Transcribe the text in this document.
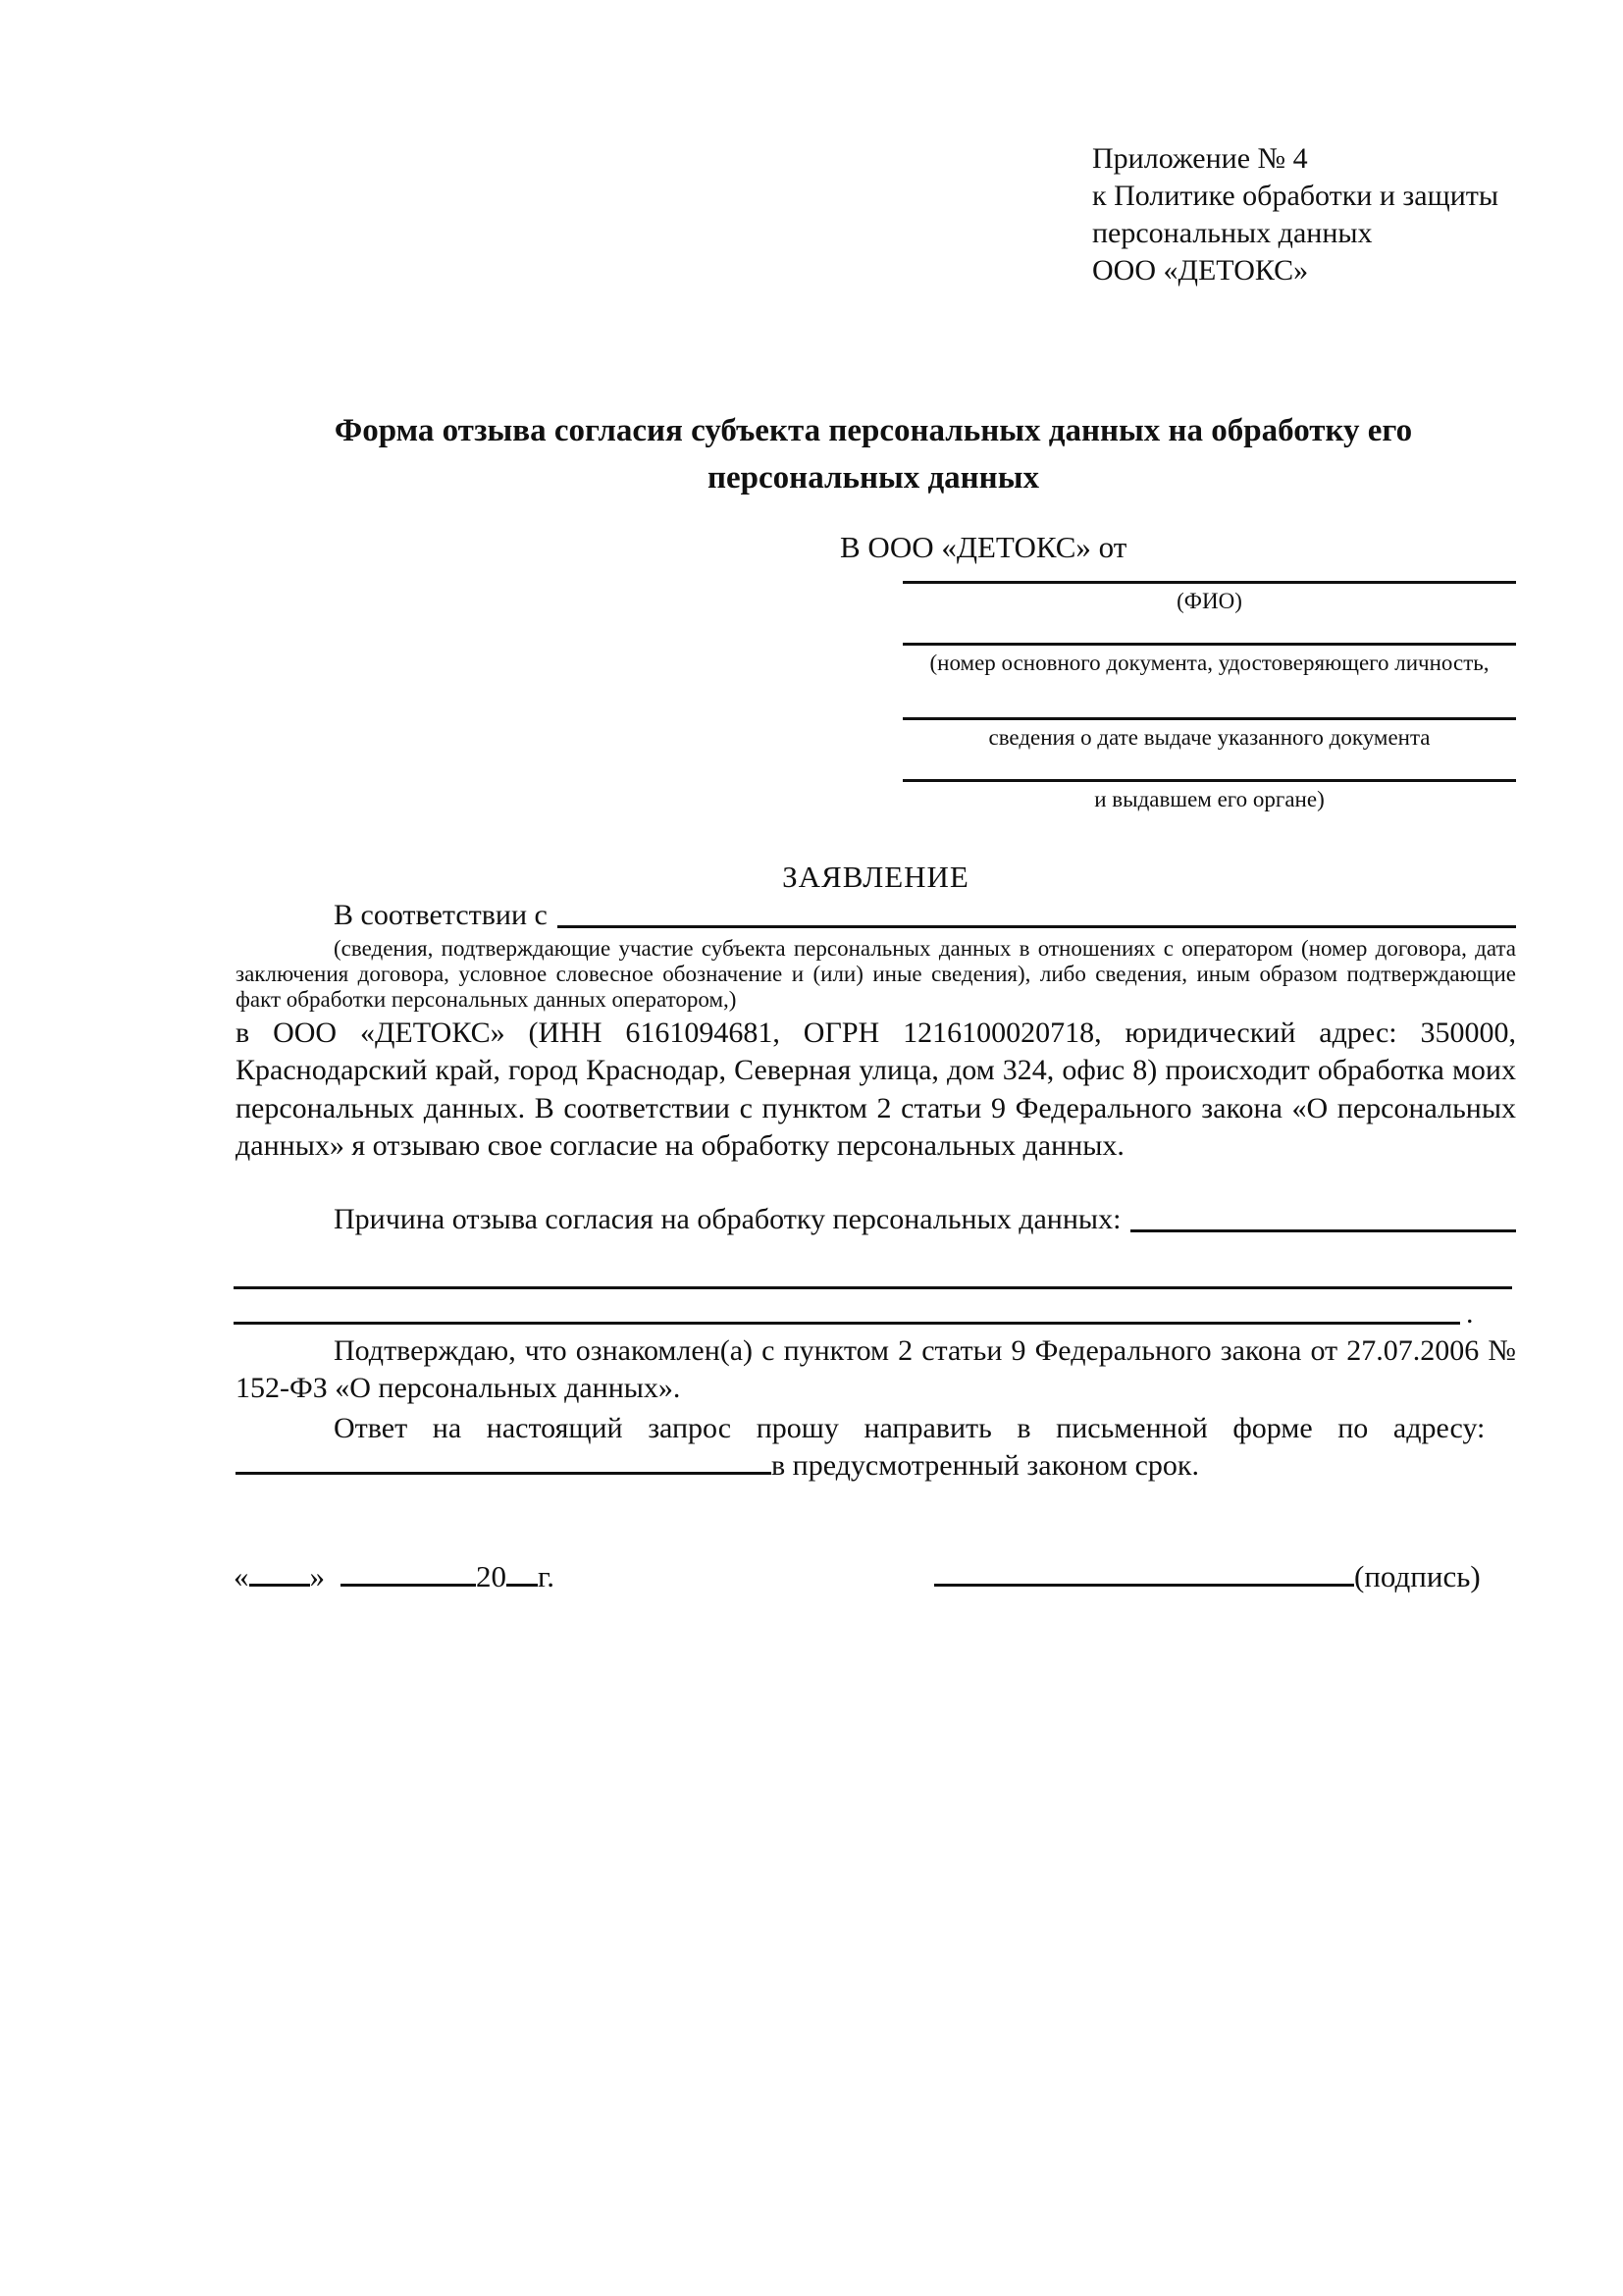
Приложение № 4
к Политике обработки и защиты
персональных данных
ООО «ДЕТОКС»
Форма отзыва согласия субъекта персональных данных на обработку его персональных данных
В ООО «ДЕТОКС» от
(ФИО)
(номер основного документа, удостоверяющего личность,
сведения о дате выдаче указанного документа
и выдавшем его органе)
ЗАЯВЛЕНИЕ
В соответствии с
(сведения, подтверждающие участие субъекта персональных данных в отношениях с оператором (номер договора, дата заключения договора, условное словесное обозначение и (или) иные сведения), либо сведения, иным образом подтверждающие факт обработки персональных данных оператором,)
в ООО «ДЕТОКС» (ИНН 6161094681, ОГРН 1216100020718, юридический адрес: 350000, Краснодарский край, город Краснодар, Северная улица, дом 324, офис 8) происходит обработка моих персональных данных. В соответствии с пунктом 2 статьи 9 Федерального закона «О персональных данных» я отзываю свое согласие на обработку персональных данных.
Причина отзыва согласия на обработку персональных данных:
.
Подтверждаю, что ознакомлен(а) с пунктом 2 статьи 9 Федерального закона от 27.07.2006 № 152-ФЗ «О персональных данных».
Ответ на настоящий запрос прошу направить в письменной форме по адресу:  в предусмотренный законом срок.
« »	20 г.	(подпись)
